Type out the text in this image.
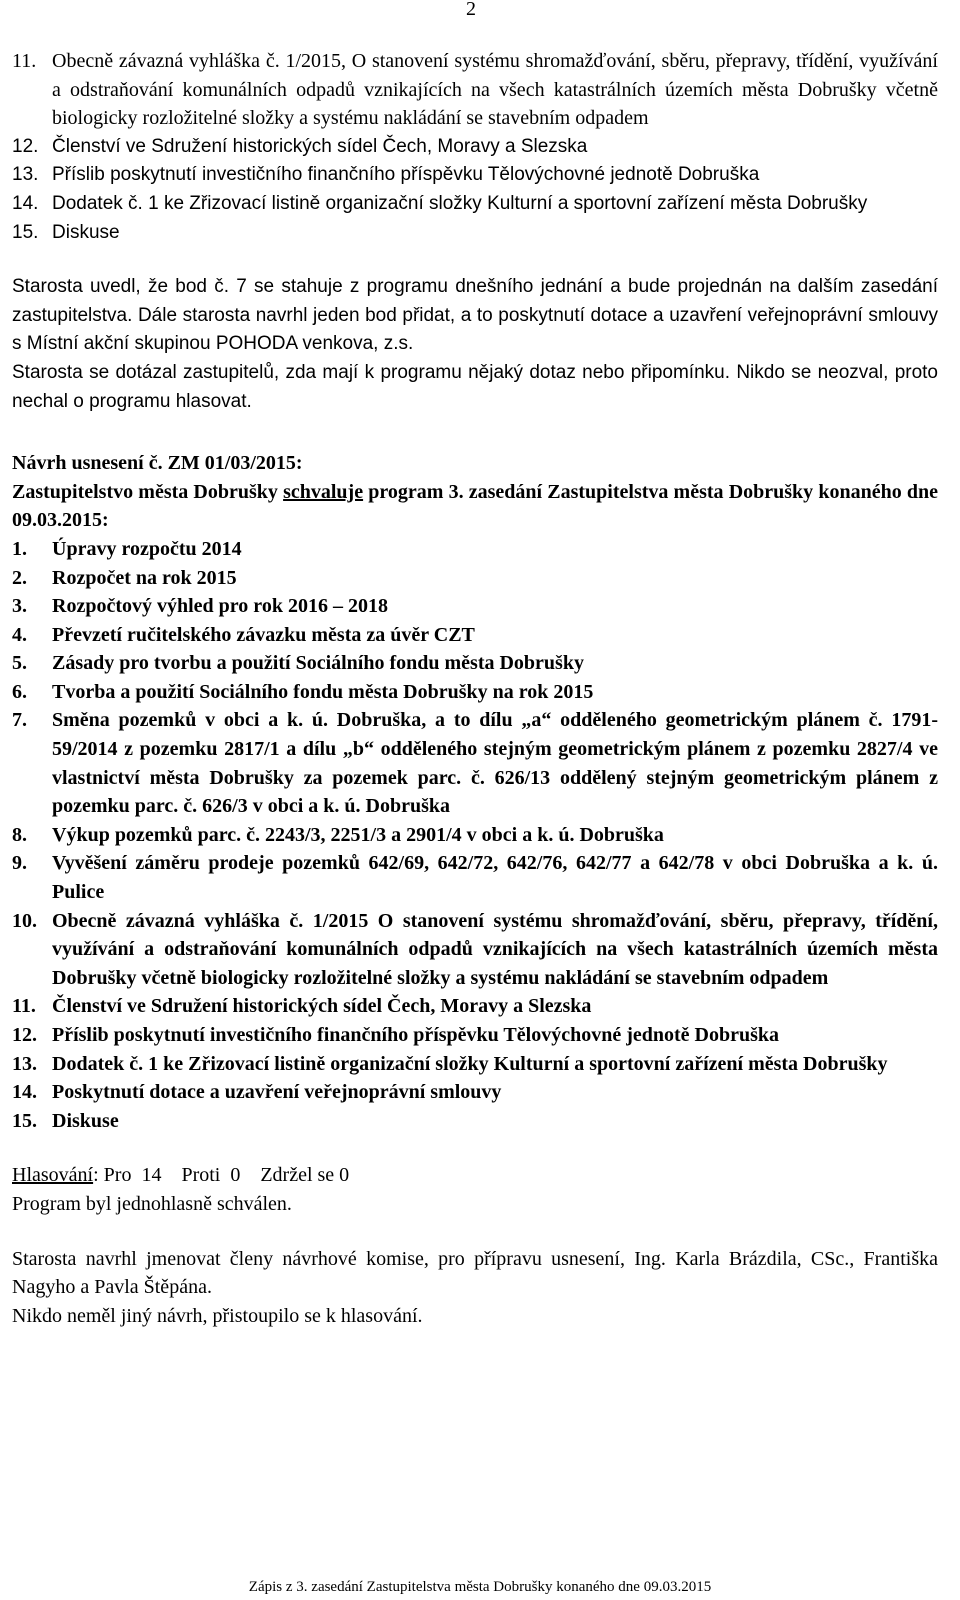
2
11. Obecně závazná vyhláška č. 1/2015, O stanovení systému shromažďování, sběru, přepravy, třídění, využívání a odstraňování komunálních odpadů vznikajících na všech katastrálních územích města Dobrušky včetně biologicky rozložitelné složky a systému nakládání se stavebním odpadem
12. Členství ve Sdružení historických sídel Čech, Moravy a Slezska
13. Příslib poskytnutí investičního finančního příspěvku Tělovýchovné jednotě Dobruška
14. Dodatek č. 1 ke Zřizovací listině organizační složky Kulturní a sportovní zařízení města Dobrušky
15. Diskuse

Starosta uvedl, že bod č. 7 se stahuje z programu dnešního jednání a bude projednán na dalším zasedání zastupitelstva. Dále starosta navrhl jeden bod přidat, a to poskytnutí dotace a uzavření veřejnoprávní smlouvy s Místní akční skupinou POHODA venkova, z.s.

Starosta se dotázal zastupitelů, zda mají k programu nějaký dotaz nebo připomínku. Nikdo se neozval, proto nechal o programu hlasovat.

Návrh usnesení č. ZM 01/03/2015:

Zastupitelstvo města Dobrušky schvaluje program 3. zasedání Zastupitelstva města Dobrušky konaného dne 09.03.2015:

1.	Úpravy rozpočtu 2014
2.	Rozpočet na rok 2015
3.	Rozpočtový výhled pro rok 2016 – 2018
4.	Převzetí ručitelského závazku města za úvěr CZT
5.	Zásady pro tvorbu a použití Sociálního fondu města Dobrušky
6.	Tvorba a použití Sociálního fondu města Dobrušky na rok 2015
7.	Směna pozemků v obci a k. ú. Dobruška, a to dílu „a“ odděleného geometrickým plánem č. 1791-59/2014 z pozemku 2817/1 a dílu „b“ odděleného stejným geometrickým plánem z pozemku 2827/4 ve vlastnictví města Dobrušky za pozemek parc. č. 626/13 oddělený stejným geometrickým plánem z pozemku parc. č. 626/3 v obci a k. ú. Dobruška
8.	Výkup pozemků parc. č. 2243/3, 2251/3 a 2901/4 v obci a k. ú. Dobruška
9.	Vyvěšení záměru prodeje pozemků 642/69, 642/72, 642/76, 642/77 a 642/78 v obci Dobruška a k. ú. Pulice
10. Obecně závazná vyhláška č. 1/2015 O stanovení systému shromažďování, sběru, přepravy, třídění, využívání a odstraňování komunálních odpadů vznikajících na všech katastrálních územích města Dobrušky včetně biologicky rozložitelné složky a systému nakládání se stavebním odpadem
11. Členství ve Sdružení historických sídel Čech, Moravy a Slezska
12. Příslib poskytnutí investičního finančního příspěvku Tělovýchovné jednotě Dobruška
13. Dodatek č. 1 ke Zřizovací listině organizační složky Kulturní a sportovní zařízení města Dobrušky
14. Poskytnutí dotace a uzavření veřejnoprávní smlouvy
15. Diskuse

Hlasování: Pro  14    Proti  0    Zdržel se 0

Program byl jednohlasně schválen.

Starosta navrhl jmenovat členy návrhové komise, pro přípravu usnesení, Ing. Karla Brázdila, CSc., Františka Nagyho a Pavla Štěpána.

Nikdo neměl jiný návrh, přistoupilo se k hlasování.

Zápis z 3. zasedání Zastupitelstva města Dobrušky konaného dne 09.03.2015
